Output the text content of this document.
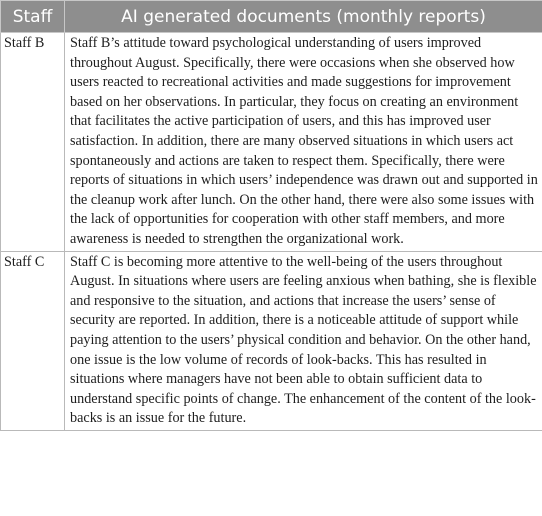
Staff	AI generated documents (monthly reports)
Staff B	Staff B’s attitude toward psychological understanding of users improved throughout August. Specifically, there were occasions when she observed how users reacted to recreational activities and made suggestions for improvement based on her observations. In particular, they focus on creating an environment that facilitates the active participation of users, and this has improved user satisfaction. In addition, there are many observed situations in which users act spontaneously and actions are taken to respect them. Specifically, there were reports of situations in which users’ independence was drawn out and supported in the cleanup work after lunch. On the other hand, there were also some issues with the lack of opportunities for cooperation with other staff members, and more awareness is needed to strengthen the organizational work.
Staff C	Staff C is becoming more attentive to the well-being of the users throughout August. In situations where users are feeling anxious when bathing, she is flexible and responsive to the situation, and actions that increase the users’ sense of security are reported. In addition, there is a noticeable attitude of support while paying attention to the users’ physical condition and behavior. On the other hand, one issue is the low volume of records of look-backs. This has resulted in situations where managers have not been able to obtain sufficient data to understand specific points of change. The enhancement of the content of the look-backs is an issue for the future.
